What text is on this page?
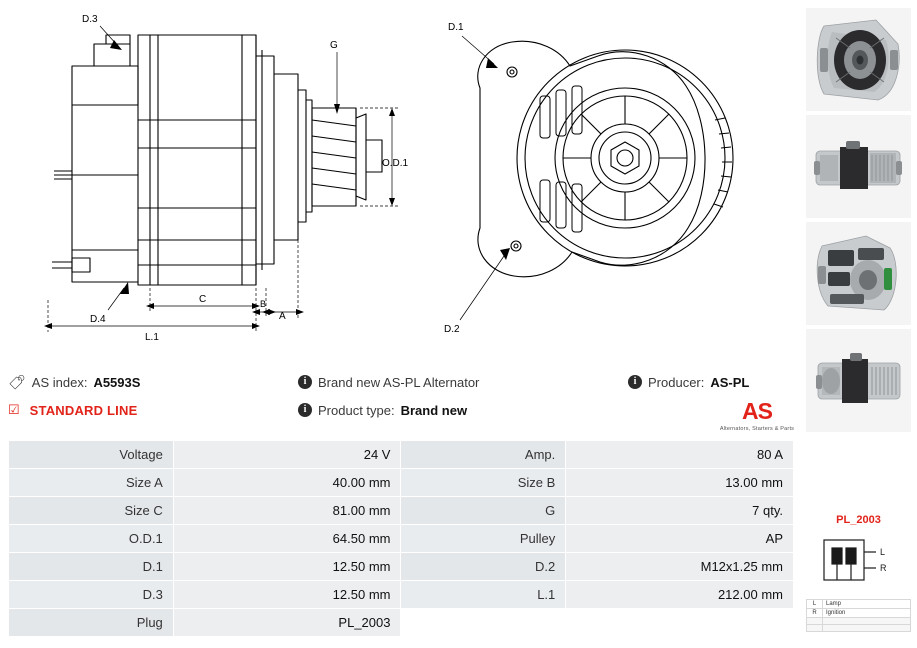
D.3
D.4
G
O.D.1
C	B
A
L.1
D.1
D.2
🏷 AS index: A5593S	i Brand new AS-PL Alternator	i Producer: AS-PL
☑ STANDARD LINE	i Product type: Brand new	AS
Alternators, Starters & Parts
Voltage	24 V	Amp.	80 A
Size A	40.00 mm	Size B	13.00 mm
Size C	81.00 mm	G	7 qty.
O.D.1	64.50 mm	Pulley	AP
D.1	12.50 mm	D.2	M12x1.25 mm
D.3	12.50 mm	L.1	212.00 mm
Plug	PL_2003		
PL_2003
L
R
L	Lamp
R	Ignition
